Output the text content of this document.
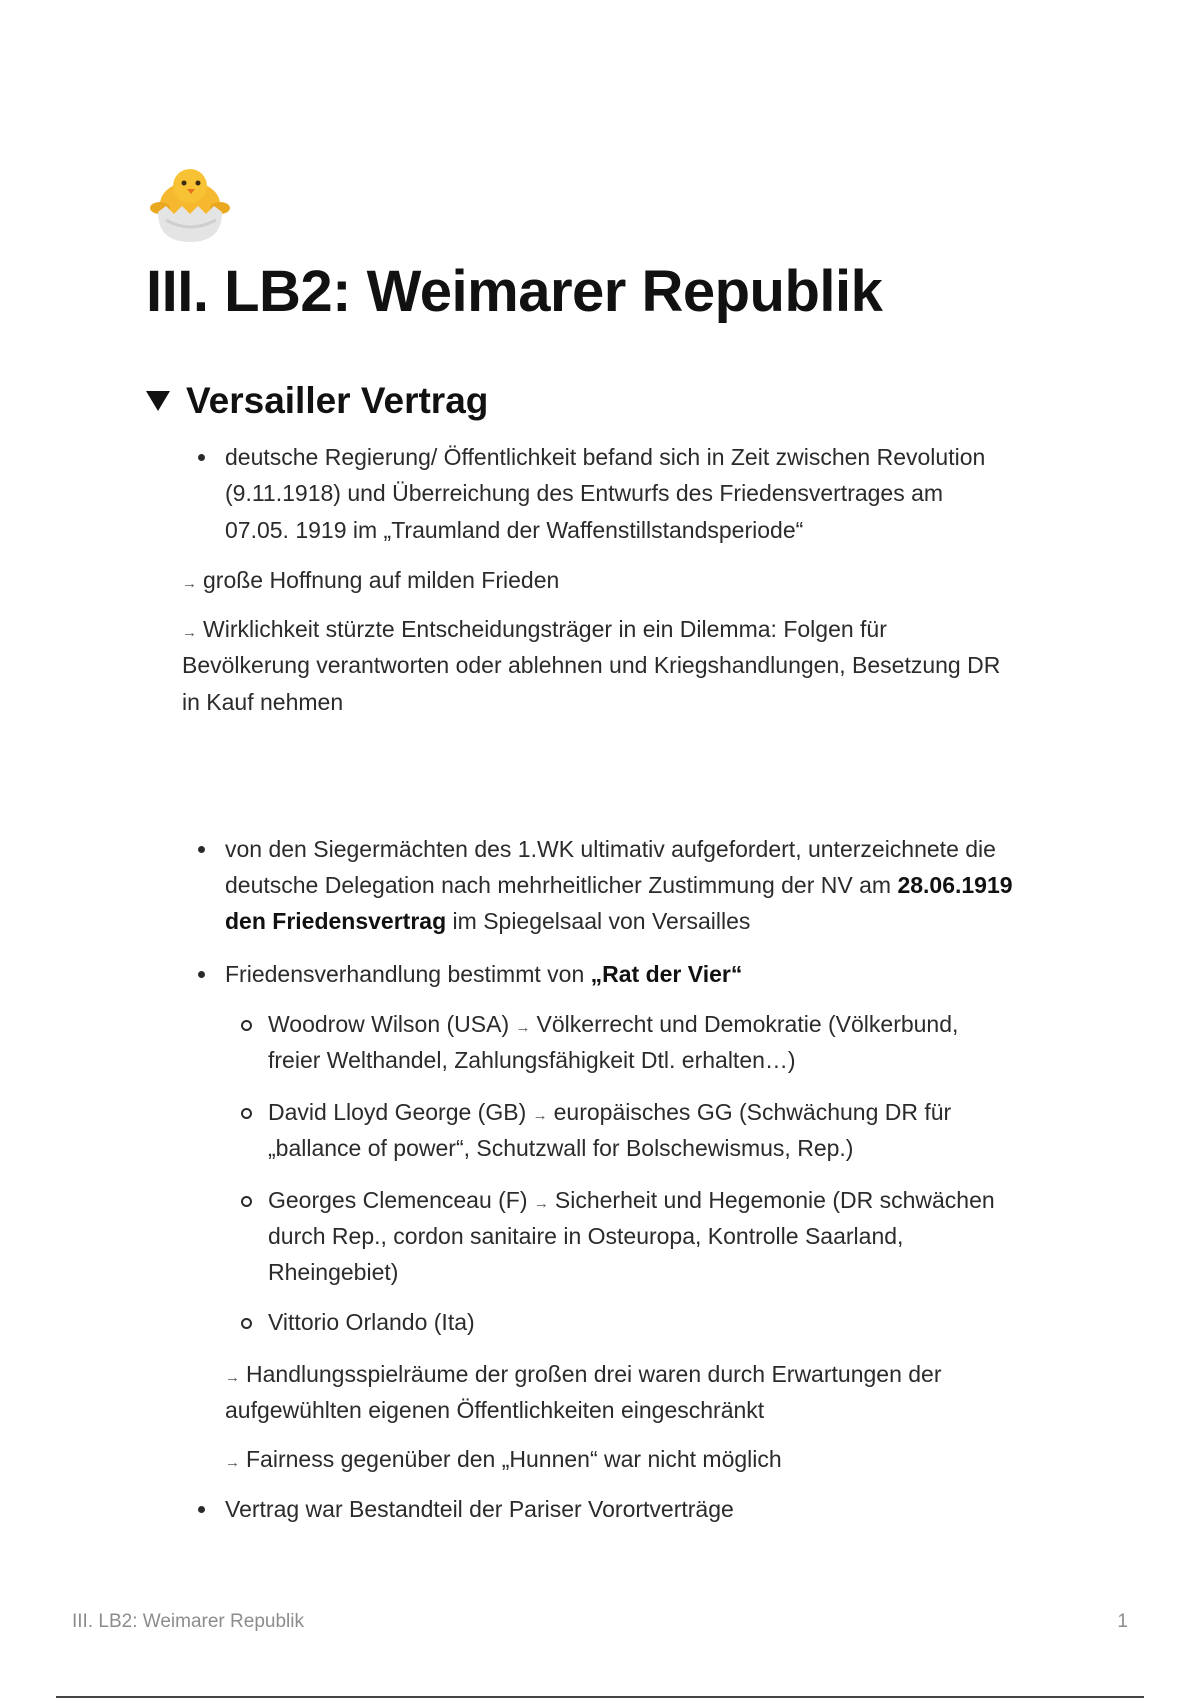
III. LB2: Weimarer Republik
Versailler Vertrag

deutsche Regierung/ Öffentlichkeit befand sich in Zeit zwischen Revolution

(9.11.1918) und Überreichung des Entwurfs des Friedensvertrages am

07.05. 1919 im „Traumland der Waffenstillstandsperiode“

→ große Hoffnung auf milden Frieden

→ Wirklichkeit stürzte Entscheidungsträger in ein Dilemma: Folgen für

Bevölkerung verantworten oder ablehnen und Kriegshandlungen, Besetzung DR

in Kauf nehmen

von den Siegermächten des 1.WK ultimativ aufgefordert, unterzeichnete die

deutsche Delegation nach mehrheitlicher Zustimmung der NV am 28.06.1919

den Friedensvertrag im Spiegelsaal von Versailles

Friedensverhandlung bestimmt von „Rat der Vier“

Woodrow Wilson (USA) → Völkerrecht und Demokratie (Völkerbund,

freier Welthandel, Zahlungsfähigkeit Dtl. erhalten…)

David Lloyd George (GB) → europäisches GG (Schwächung DR für

„ballance of power“, Schutzwall for Bolschewismus, Rep.)

Georges Clemenceau (F) → Sicherheit und Hegemonie (DR schwächen

durch Rep., cordon sanitaire in Osteuropa, Kontrolle Saarland,

Rheingebiet)

Vittorio Orlando (Ita)

→ Handlungsspielräume der großen drei waren durch Erwartungen der

aufgewühlten eigenen Öffentlichkeiten eingeschränkt

→ Fairness gegenüber den „Hunnen“ war nicht möglich

Vertrag war Bestandteil der Pariser Vorortverträge

III. LB2: Weimarer Republik	1
